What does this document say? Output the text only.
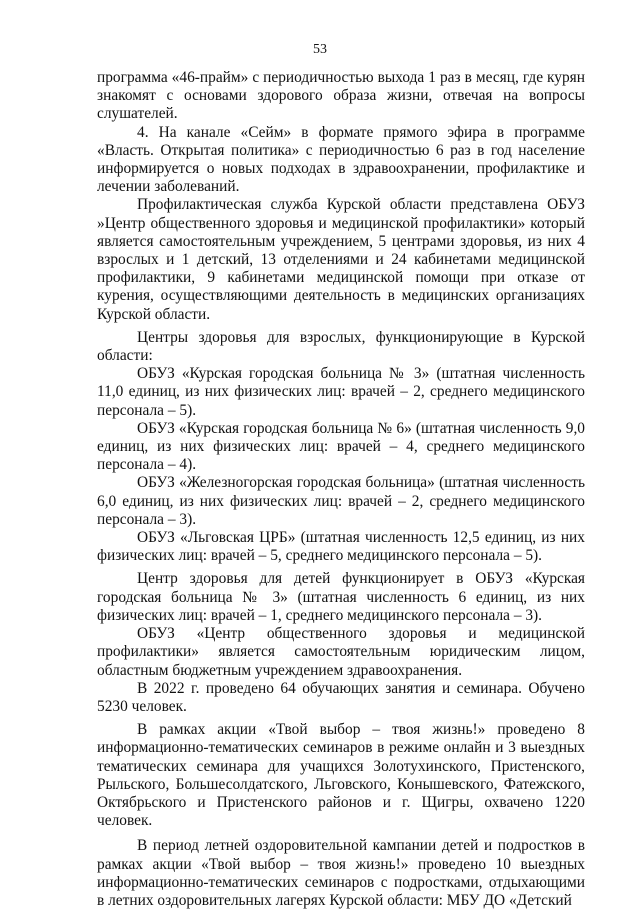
53

программа «46-прайм» с периодичностью выхода 1 раз в месяц, где курян знакомят с основами здорового образа жизни, отвечая на вопросы слушателей.

4. На канале «Сейм» в формате прямого эфира в программе «Власть. Открытая политика» с периодичностью 6 раз в год население информируется о новых подходах в здравоохранении, профилактике и лечении заболеваний.

Профилактическая служба Курской области представлена ОБУЗ »Центр общественного здоровья и медицинской профилактики» который является самостоятельным учреждением, 5 центрами здоровья, из них 4 взрослых и 1 детский, 13 отделениями и 24 кабинетами медицинской профилактики, 9 кабинетами медицинской помощи при отказе от курения, осуществляющими деятельность в медицинских организациях Курской области.

Центры здоровья для взрослых, функционирующие в Курской области:

ОБУЗ «Курская городская больница № 3» (штатная численность 11,0 единиц, из них физических лиц: врачей – 2, среднего медицинского персонала – 5).

ОБУЗ «Курская городская больница № 6» (штатная численность 9,0 единиц, из них физических лиц: врачей – 4, среднего медицинского персонала – 4).

ОБУЗ «Железногорская городская больница» (штатная численность 6,0 единиц, из них физических лиц: врачей – 2, среднего медицинского персонала – 3).

ОБУЗ «Льговская ЦРБ» (штатная численность 12,5 единиц, из них физических лиц: врачей – 5, среднего медицинского персонала – 5).

Центр здоровья для детей функционирует в ОБУЗ «Курская городская больница № 3» (штатная численность 6 единиц, из них физических лиц: врачей – 1, среднего медицинского персонала – 3).

ОБУЗ «Центр общественного здоровья и медицинской профилактики» является самостоятельным юридическим лицом, областным бюджетным учреждением здравоохранения.

В 2022 г. проведено 64 обучающих занятия и семинара. Обучено 5230 человек.

В рамках акции «Твой выбор – твоя жизнь!» проведено 8 информационно-тематических семинаров в режиме онлайн и 3 выездных тематических семинара для учащихся Золотухинского, Пристенского, Рыльского, Большесолдатского, Льговского, Конышевского, Фатежского, Октябрьского и Пристенского районов и г. Щигры, охвачено 1220 человек.

В период летней оздоровительной кампании детей и подростков в рамках акции «Твой выбор – твоя жизнь!» проведено 10 выездных информационно-тематических семинаров с подростками, отдыхающими в летних оздоровительных лагерях Курской области: МБУ ДО «Детский
